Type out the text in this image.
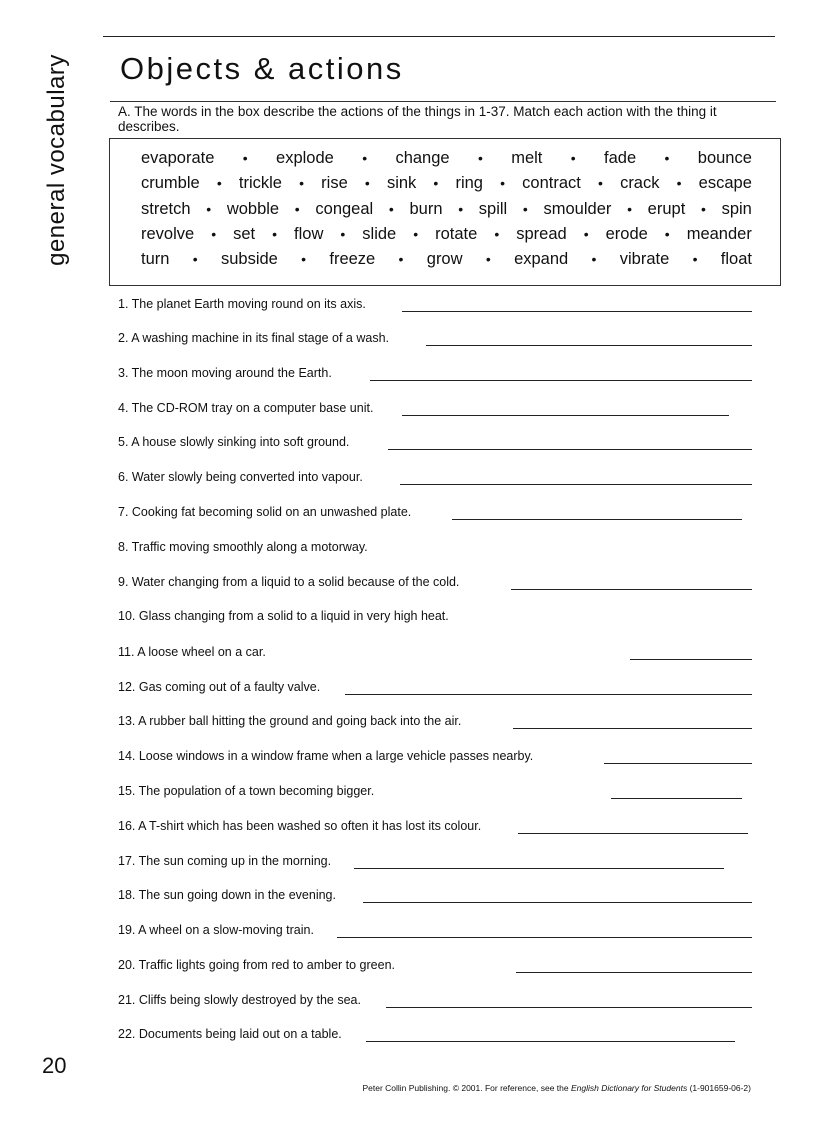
general vocabulary Objects & actions
A. The words in the box describe the actions of the things in 1-37. Match each action with the thing it describes.
evaporate • explode • change • melt • fade • bounce
crumble • trickle • rise • sink • ring • contract • crack • escape
stretch • wobble • congeal • burn • spill • smoulder • erupt • spin
revolve • set • flow • slide • rotate • spread • erode • meander
turn • subside • freeze • grow • expand • vibrate • float
1. The planet Earth moving round on its axis.
2. A washing machine in its final stage of a wash.
3. The moon moving around the Earth.
4. The CD-ROM tray on a computer base unit.
5. A house slowly sinking into soft ground.
6. Water slowly being converted into vapour.
7. Cooking fat becoming solid on an unwashed plate.
8. Traffic moving smoothly along a motorway.
9. Water changing from a liquid to a solid because of the cold.
10. Glass changing from a solid to a liquid in very high heat.
11. A loose wheel on a car.
12. Gas coming out of a faulty valve.
13. A rubber ball hitting the ground and going back into the air.
14. Loose windows in a window frame when a large vehicle passes nearby.
15. The population of a town becoming bigger.
16. A T-shirt which has been washed so often it has lost its colour.
17. The sun coming up in the morning.
18. The sun going down in the evening.
19. A wheel on a slow-moving train.
20. Traffic lights going from red to amber to green.
21. Cliffs being slowly destroyed by the sea.
22. Documents being laid out on a table.
20
Peter Collin Publishing. © 2001. For reference, see the English Dictionary for Students (1-901659-06-2)
